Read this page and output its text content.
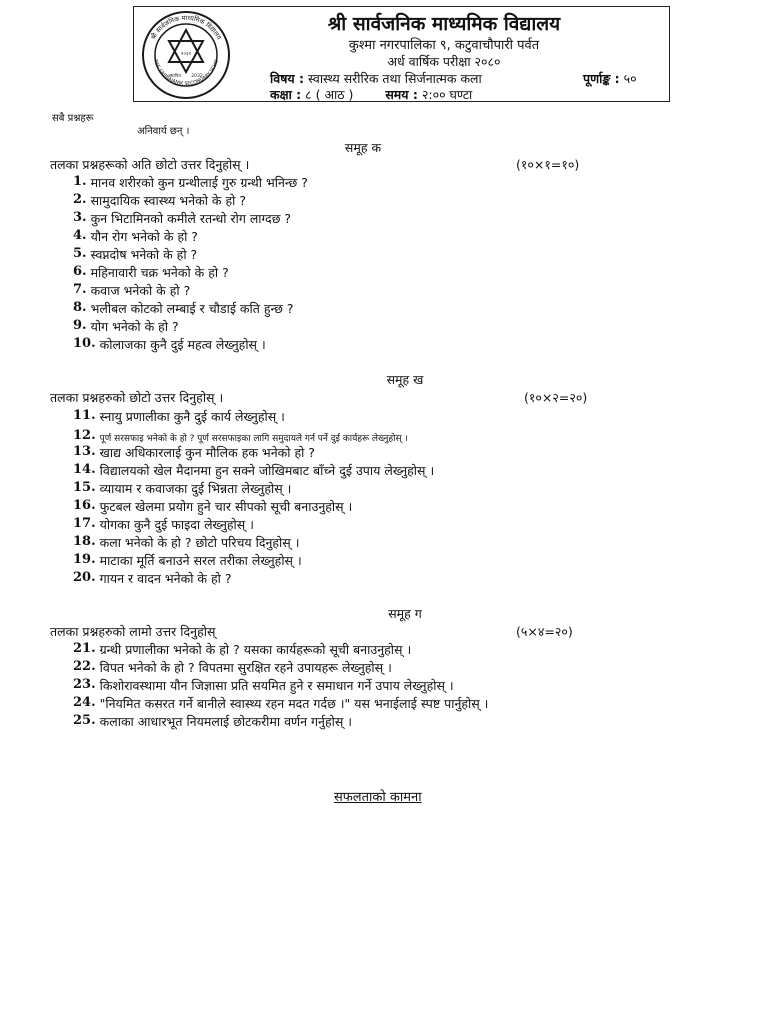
श्री सार्वजनिक माध्यमिक विद्यालय
REE SARBAJANIK SECONDARY SCHO
२०३२
स्थापित 2032
श्री सार्वजनिक माध्यमिक विद्यालय
कुश्मा नगरपालिका ९, कटुवाचौपारी पर्वत
अर्ध वार्षिक परीक्षा २०८०
विषय : स्वास्थ्य सरीरिक तथा सिर्जनात्मक कला	पूर्णाङ्क : ५०
कक्षा : ८ ( आठ )	समय : २:०० घण्टा
सबै प्रश्नहरू
अनिवार्य छन् ।
समूह क
तलका प्रश्नहरूको अति छोटो उत्तर दिनुहोस् ।	(१०×१=१०)
1. मानव शरीरको कुन ग्रन्थीलाई गुरु ग्रन्थी भनिन्छ ?
2. सामुदायिक स्वास्थ्य भनेको के हो ?
3. कुन भिटामिनको कमीले रतन्धो रोग लाग्दछ ?
4. यौन रोग भनेको के हो ?
5. स्वप्नदोष भनेको के हो ?
6. महिनावारी चक्र भनेको के हो ?
7. कवाज भनेको के हो ?
8. भलीबल कोटको लम्बाई र चौडाई कति हुन्छ ?
9. योग भनेको के हो ?
10. कोलाजका कुनै दुई महत्व लेख्नुहोस् ।
समूह ख
तलका प्रश्नहरुको छोटो उत्तर दिनुहोस् ।	(१०×२=२०)
11. स्नायु प्रणालीका कुनै दुई कार्य लेख्नुहोस् ।
12. पूर्ण सरसफाइ भनेको के हो ? पूर्ण सरसफाइका लागि समुदायले गर्न पर्ने दुई कार्यहरू लेख्नुहोस् ।
13. खाद्य अधिकारलाई कुन मौलिक हक भनेको हो ?
14. विद्यालयको खेल मैदानमा हुन सक्ने जोखिमबाट बाँच्ने दुई उपाय लेख्नुहोस् ।
15. व्यायाम र कवाजका दुई भिन्नता लेख्नुहोस् ।
16. फुटबल खेलमा प्रयोग हुने चार सीपको सूची बनाउनुहोस् ।
17. योगका कुनै दुई फाइदा लेख्नुहोस् ।
18. कला भनेको के हो ? छोटो परिचय दिनुहोस् ।
19. माटाका मूर्ति बनाउने सरल तरीका लेख्नुहोस् ।
20. गायन र वादन भनेको के हो ?
समूह ग
तलका प्रश्नहरुको लामो उत्तर दिनुहोस्	(५×४=२०)
21. ग्रन्थी प्रणालीका भनेको के हो ? यसका कार्यहरूको सूची बनाउनुहोस् ।
22. विपत भनेको के हो ? विपतमा सुरक्षित रहने उपायहरू लेख्नुहोस् ।
23. किशोरावस्थामा यौन जिज्ञासा प्रति सयमित हुने र समाधान गर्ने उपाय लेख्नुहोस् ।
24. "नियमित कसरत गर्ने बानीले स्वास्थ्य रहन मदत गर्दछ ।" यस भनाईलाई स्पष्ट पार्नुहोस् ।
25. कलाका आधारभूत नियमलाई छोटकरीमा वर्णन गर्नुहोस् ।
सफलताको कामना
